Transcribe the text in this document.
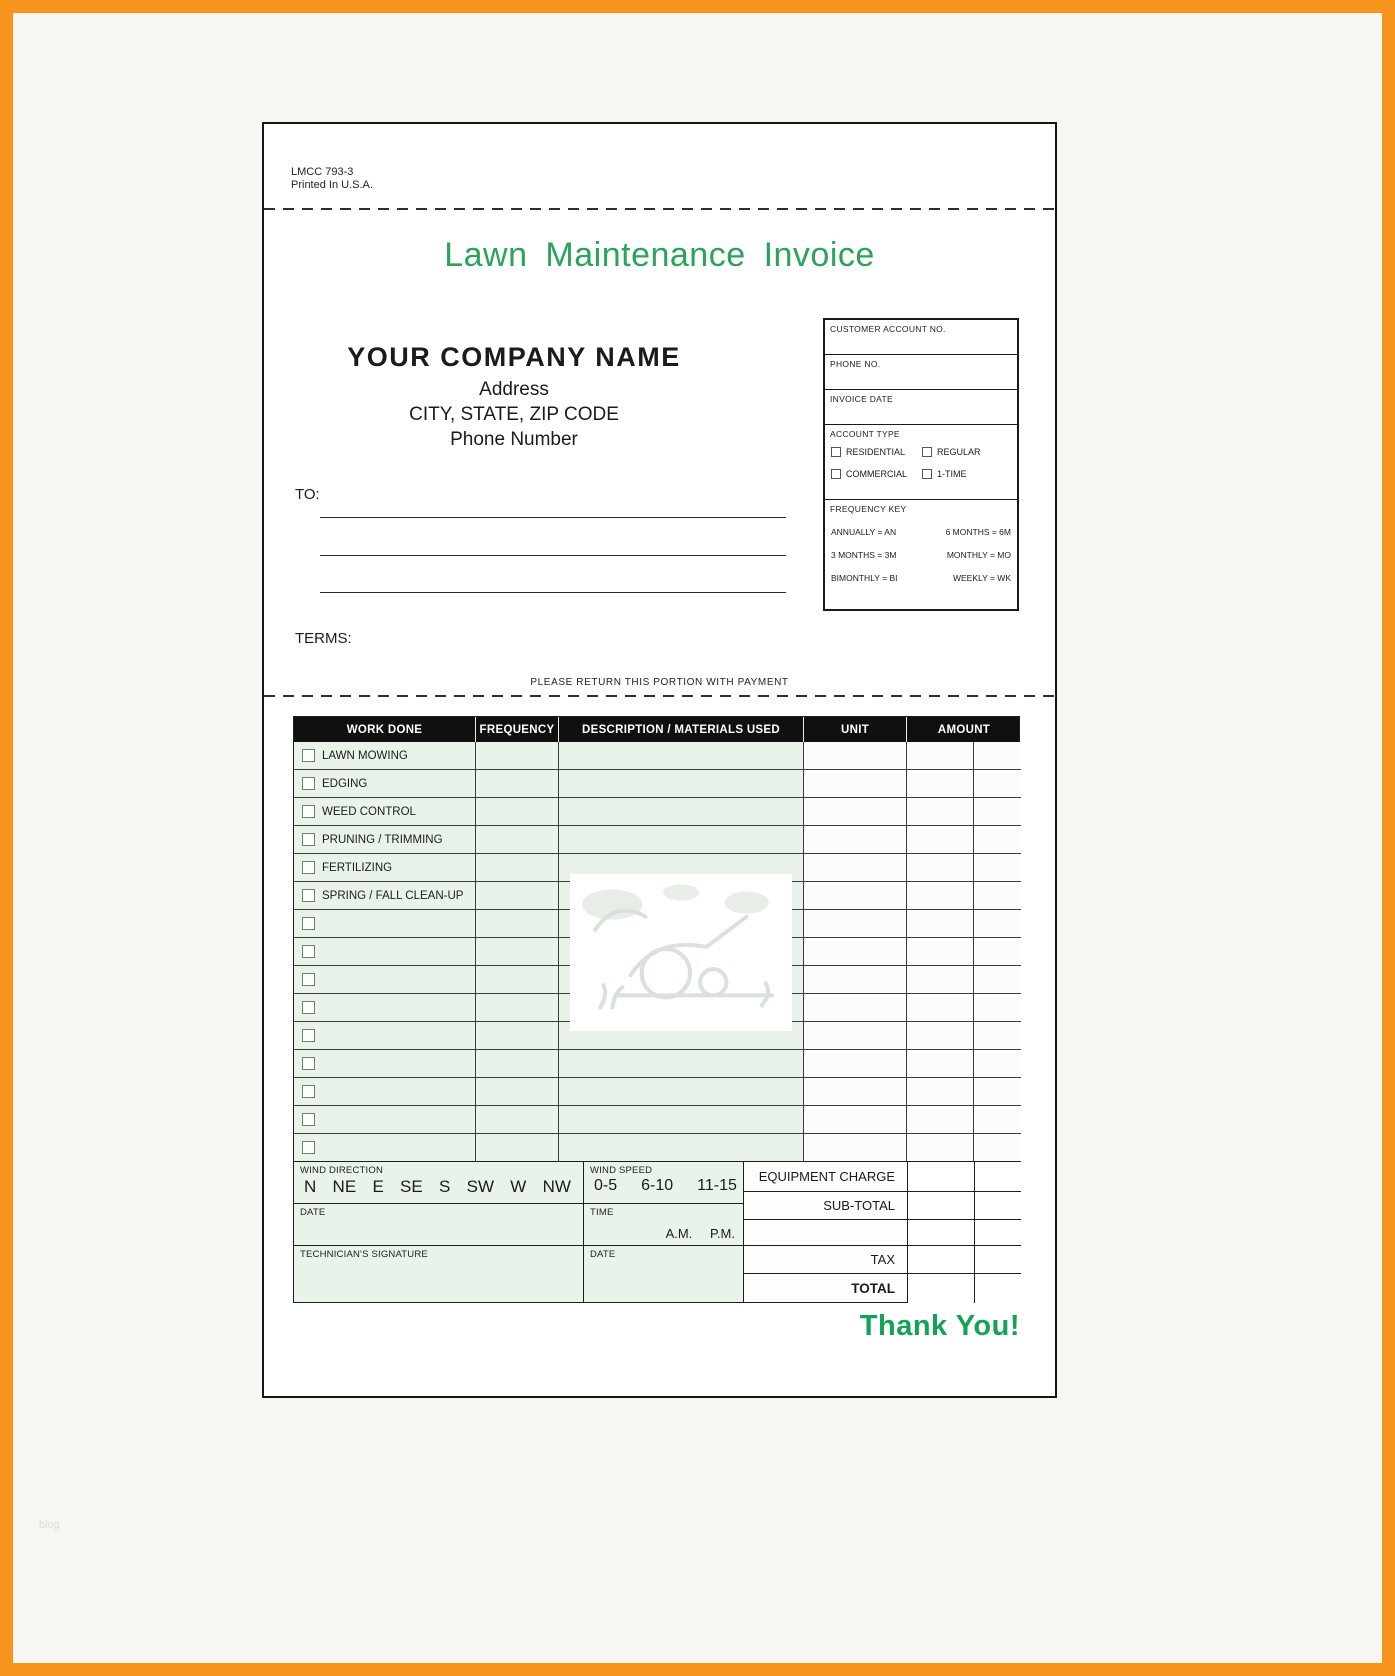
LMCC 793-3
Printed In U.S.A.
Lawn Maintenance Invoice
YOUR COMPANY NAME
Address
CITY, STATE, ZIP CODE
Phone Number
CUSTOMER ACCOUNT NO.
PHONE NO.
INVOICE DATE
ACCOUNT TYPE
RESIDENTIAL	REGULAR
COMMERCIAL	1-TIME
FREQUENCY KEY
ANNUALLY = AN	6 MONTHS = 6M
3 MONTHS = 3M	MONTHLY = MO
BIMONTHLY = BI	WEEKLY = WK
TO:
TERMS:
PLEASE RETURN THIS PORTION WITH PAYMENT
WORK DONE	FREQUENCY	DESCRIPTION / MATERIALS USED	UNIT	AMOUNT
LAWN MOWING
EDGING
WEED CONTROL
PRUNING / TRIMMING
FERTILIZING
SPRING / FALL CLEAN-UP
WIND DIRECTION
N NE E SE S SW W NW
DATE
TECHNICIAN'S SIGNATURE
WIND SPEED
0-5 6-10 11-15
TIME
A.M. P.M.
DATE
EQUIPMENT CHARGE
SUB-TOTAL
TAX
TOTAL
Thank You!
blog
